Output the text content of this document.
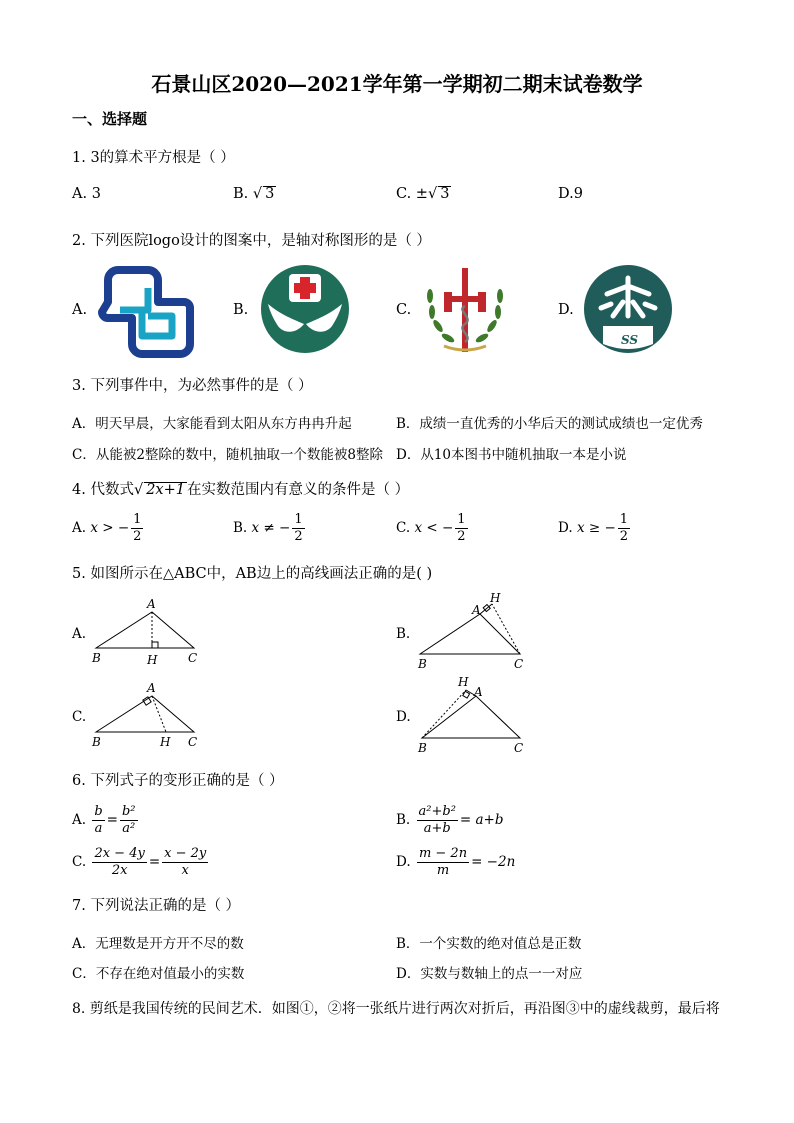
石景山区2020—2021学年第一学期初二期末试卷数学
一、选择题
1. 3的算术平方根是（ ）
A. 3	B. √ 3	C. ±√ 3	D.9
2. 下列医院logo设计的图案中，是轴对称图形的是（ ）
A.	B.	C.	D.
SS
3. 下列事件中，为必然事件的是（ ）
A．明天早晨，大家能看到太阳从东方冉冉升起	B．成绩一直优秀的小华后天的测试成绩也一定优秀
C．从能被2整除的数中，随机抽取一个数能被8整除 D．从10本图书中随机抽取一本是小说
4. 代数式√ 2x+1 在实数范围内有意义的条件是（ ）
A. x > − $\frac{1}{2}$	B. x ≠ − $\frac{1}{2}$	C. x < − $\frac{1}{2}$	D. x ≥ − $\frac{1}{2}$
5. 如图所示在△ABC中，AB边上的高线画法正确的是( )
A.	B.
C.	D.
A
B	C
H
A
H
B	C
A
B	H C
H
A
B	C
6. 下列式子的变形正确的是（ ）
A. $\frac{b}{a} = \frac{\text{b²}}{\text{a²}}$	B. $\frac{\text{a²+b²}}{a+b} = a+b$
C. $\frac{2x - 4y}{2x} = \frac{x - 2y}{x}$	D. $\frac{m - 2n}{m} = -2n$
7. 下列说法正确的是（ ）
A．无理数是开方开不尽的数	B．一个实数的绝对值总是正数
C．不存在绝对值最小的实数	D．实数与数轴上的点一一对应
8. 剪纸是我国传统的民间艺术．如图①，②将一张纸片进行两次对折后，再沿图③中的虚线裁剪，最后将
